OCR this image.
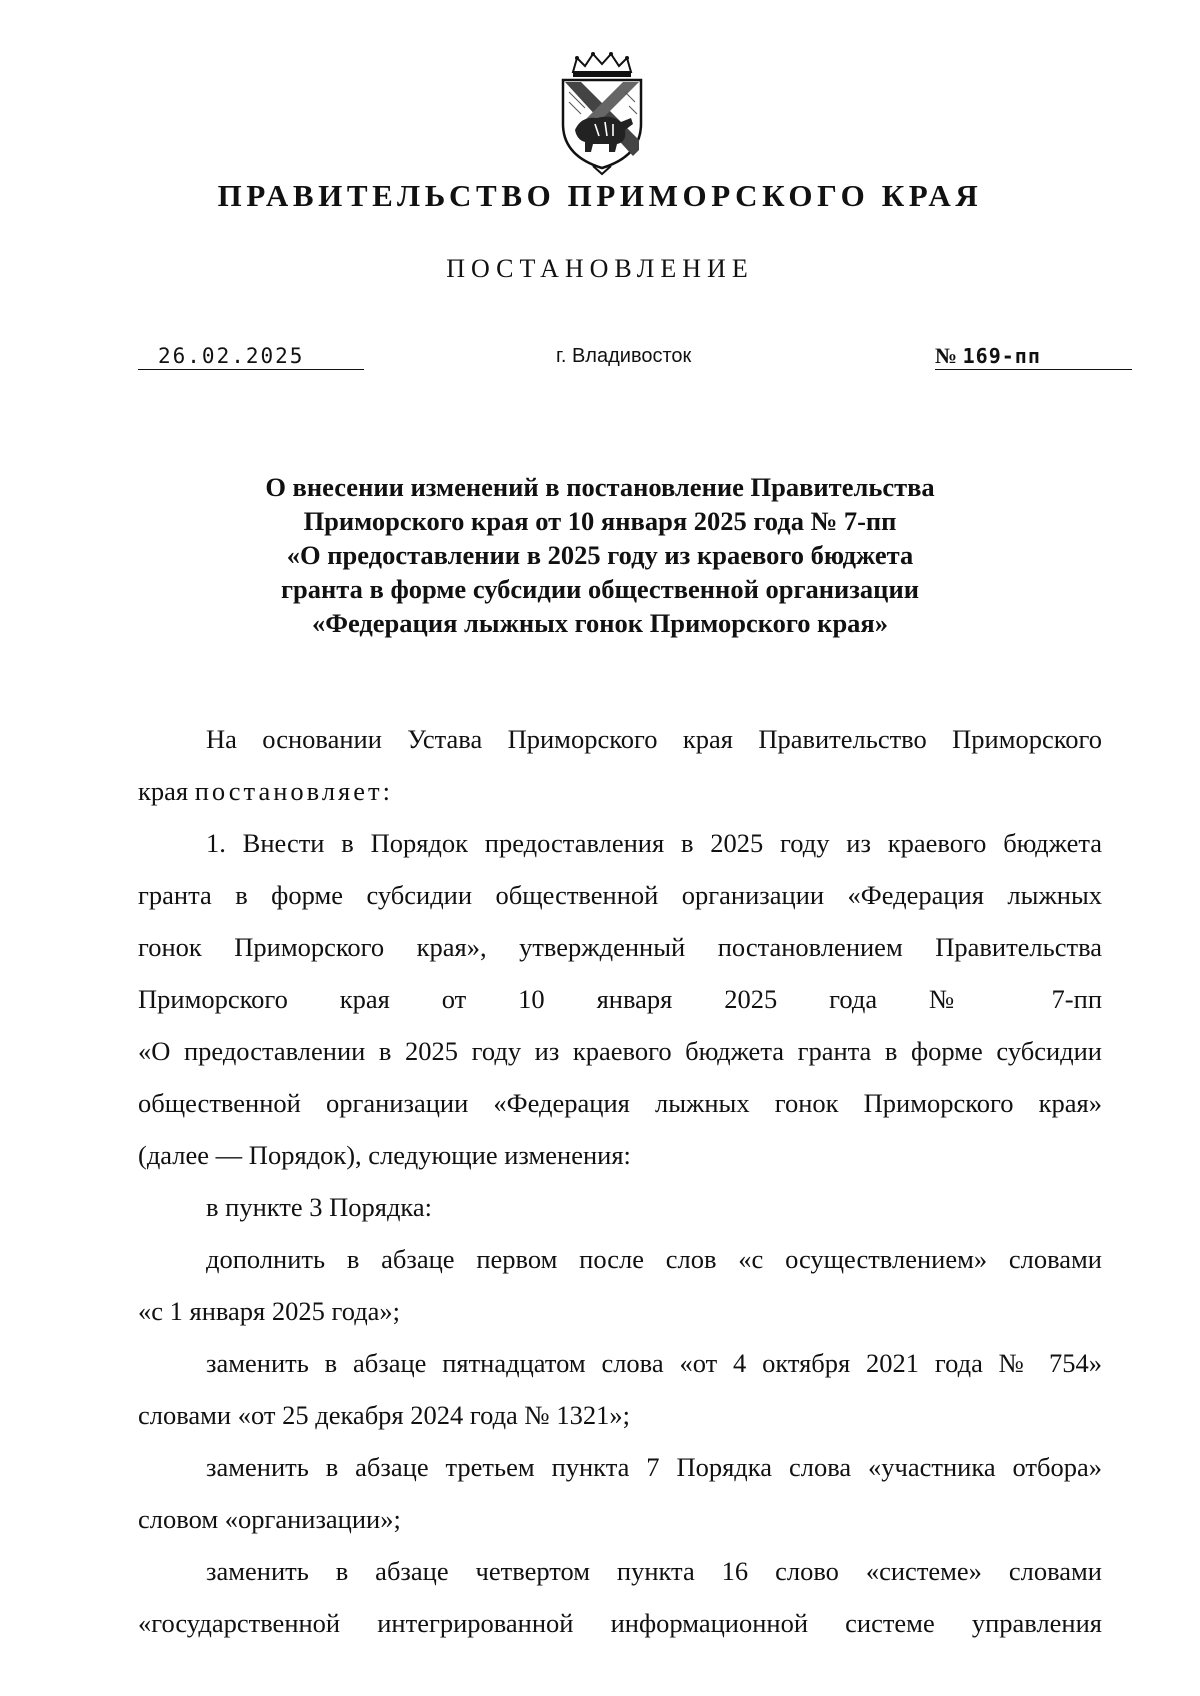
ПРАВИТЕЛЬСТВО ПРИМОРСКОГО КРАЯ
ПОСТАНОВЛЕНИЕ
26.02.2025	г. Владивосток	№ 169-пп
О внесении изменений в постановление Правительства
Приморского края от 10 января 2025 года № 7-пп
«О предоставлении в 2025 году из краевого бюджета
гранта в форме субсидии общественной организации
«Федерация лыжных гонок Приморского края»
На основании Устава Приморского края Правительство Приморского
края постановляет:
1. Внести в Порядок предоставления в 2025 году из краевого бюджета
гранта в форме субсидии общественной организации «Федерация лыжных
гонок Приморского края», утвержденный постановлением Правительства
Приморского края от 10 января 2025 года № 7-пп
«О предоставлении в 2025 году из краевого бюджета гранта в форме субсидии
общественной организации «Федерация лыжных гонок Приморского края»
(далее — Порядок), следующие изменения:
в пункте 3 Порядка:
дополнить в абзаце первом после слов «с осуществлением» словами
«с 1 января 2025 года»;
заменить в абзаце пятнадцатом слова «от 4 октября 2021 года № 754»
словами «от 25 декабря 2024 года № 1321»;
заменить в абзаце третьем пункта 7 Порядка слова «участника отбора»
словом «организации»;
заменить в абзаце четвертом пункта 16 слово «системе» словами
«государственной интегрированной информационной системе управления
